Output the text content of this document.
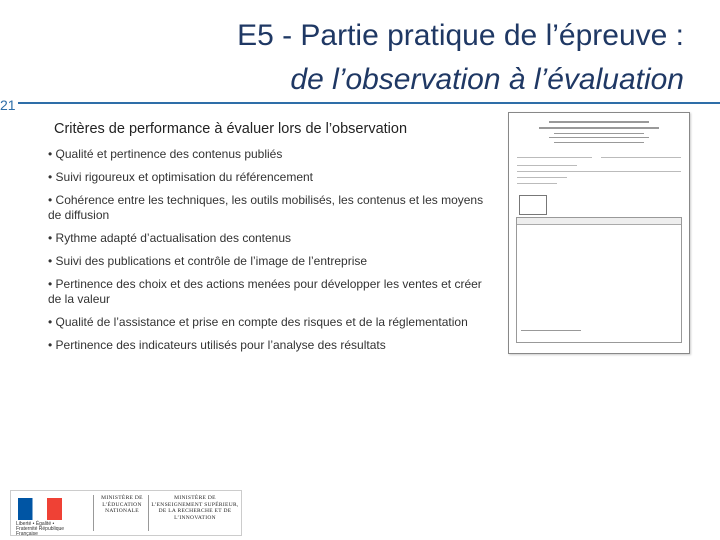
E5 - Partie pratique de l’épreuve :
de l’observation à l’évaluation
21
Critères de performance à évaluer lors de l’observation
• Qualité et pertinence des contenus publiés
• Suivi rigoureux et optimisation du référencement
• Cohérence entre les techniques, les outils mobilisés, les contenus et les moyens de diffusion
• Rythme adapté d’actualisation des contenus
• Suivi des publications et contrôle de l’image de l’entreprise
• Pertinence des choix et des actions menées pour développer les ventes et créer de la valeur
• Qualité de l’assistance et prise en compte des risques et de la réglementation
• Pertinence des indicateurs utilisés pour l’analyse des résultats
Liberté • Égalité • Fraternité République Française
MINISTÈRE DE L’ÉDUCATION NATIONALE
MINISTÈRE DE L’ENSEIGNEMENT SUPÉRIEUR, DE LA RECHERCHE ET DE L’INNOVATION
